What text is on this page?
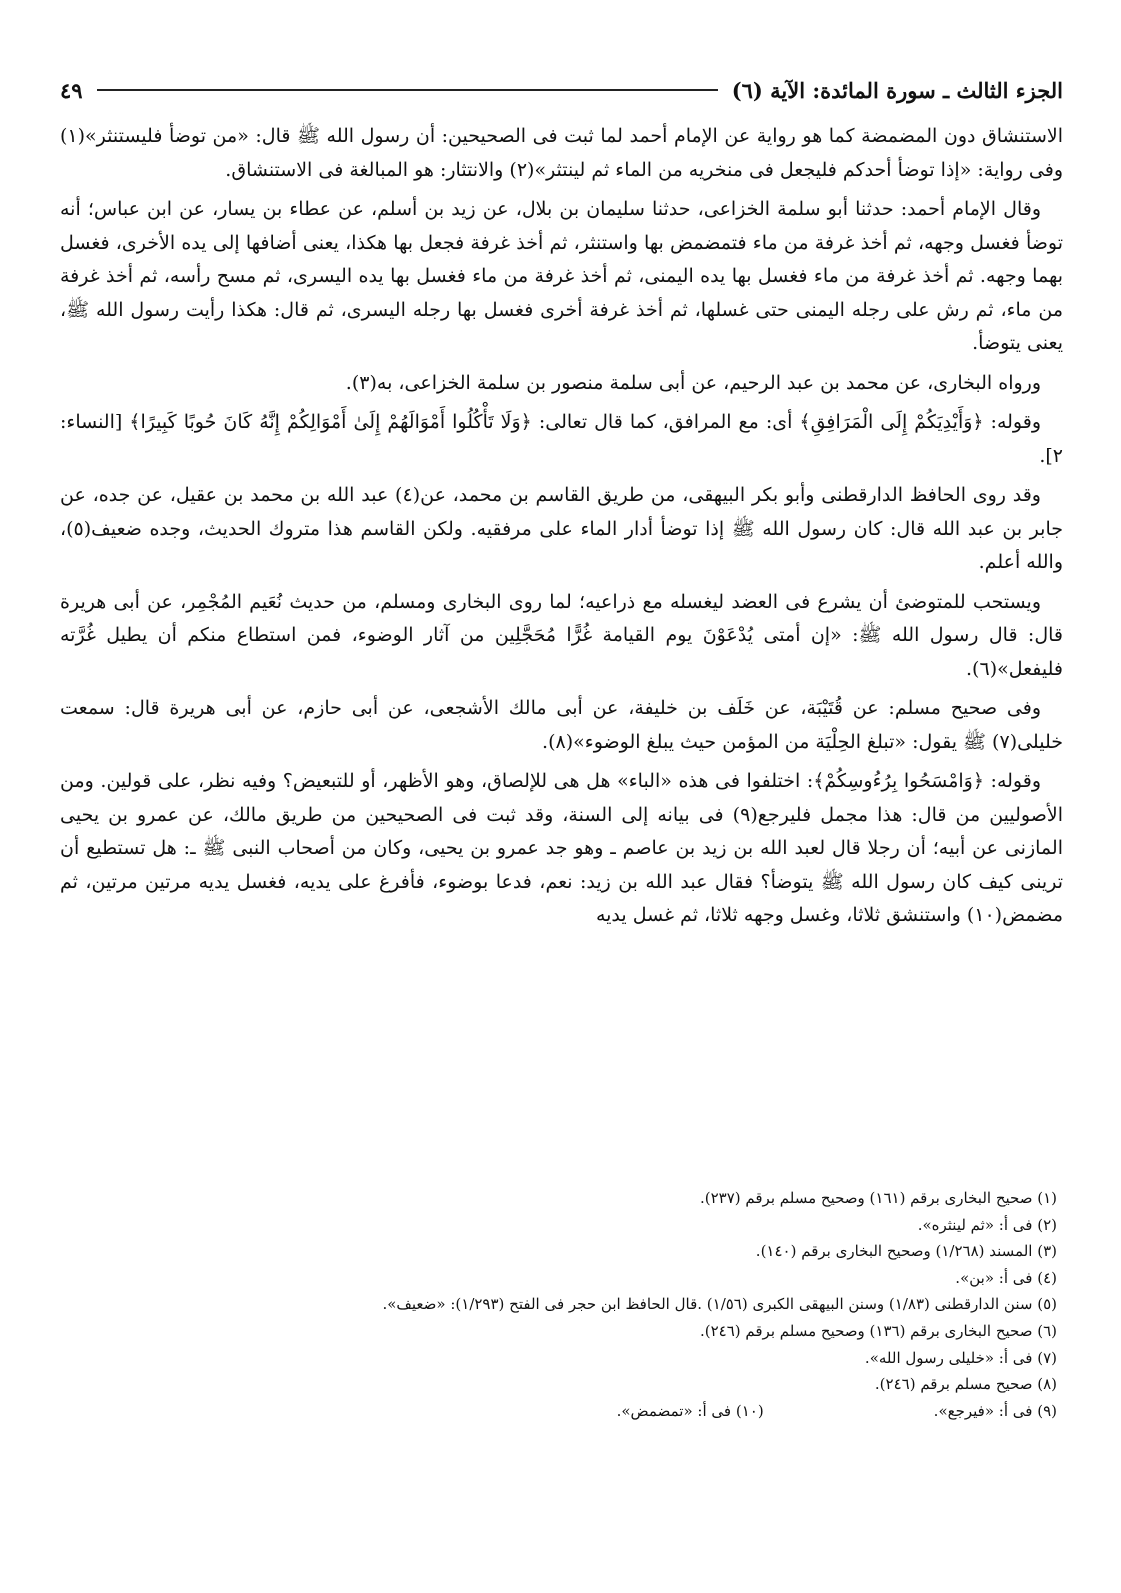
الجزء الثالث ـ سورة المائدة: الآية (٦)
٤٩

الاستنشاق دون المضمضة كما هو رواية عن الإمام أحمد لما ثبت فى الصحيحين: أن رسول الله ﷺ قال: «من توضأ فليستنثر»(١) وفى رواية: «إذا توضأ أحدكم فليجعل فى منخريه من الماء ثم لينتثر»(٢) والانتثار: هو المبالغة فى الاستنشاق.

وقال الإمام أحمد: حدثنا أبو سلمة الخزاعى، حدثنا سليمان بن بلال، عن زيد بن أسلم، عن عطاء بن يسار، عن ابن عباس؛ أنه توضأ فغسل وجهه، ثم أخذ غرفة من ماء فتمضمض بها واستنثر، ثم أخذ غرفة فجعل بها هكذا، يعنى أضافها إلى يده الأخرى، فغسل بهما وجهه. ثم أخذ غرفة من ماء فغسل بها يده اليمنى، ثم أخذ غرفة من ماء فغسل بها يده اليسرى، ثم مسح رأسه، ثم أخذ غرفة من ماء، ثم رش على رجله اليمنى حتى غسلها، ثم أخذ غرفة أخرى فغسل بها رجله اليسرى، ثم قال: هكذا رأيت رسول الله ﷺ، يعنى يتوضأ.

ورواه البخارى، عن محمد بن عبد الرحيم، عن أبى سلمة منصور بن سلمة الخزاعى، به(٣).

وقوله: ﴿وَأَيْدِيَكُمْ إِلَى الْمَرَافِقِ﴾ أى: مع المرافق، كما قال تعالى: ﴿وَلَا تَأْكُلُوا أَمْوَالَهُمْ إِلَىٰ أَمْوَالِكُمْ إِنَّهُ كَانَ حُوبًا كَبِيرًا﴾ [النساء: ٢].

وقد روى الحافظ الدارقطنى وأبو بكر البيهقى، من طريق القاسم بن محمد، عن(٤) عبد الله بن محمد بن عقيل، عن جده، عن جابر بن عبد الله قال: كان رسول الله ﷺ إذا توضأ أدار الماء على مرفقيه. ولكن القاسم هذا متروك الحديث، وجده ضعيف(٥)، والله أعلم.

ويستحب للمتوضئ أن يشرع فى العضد ليغسله مع ذراعيه؛ لما روى البخارى ومسلم، من حديث نُعَيم المُجْمِر، عن أبى هريرة قال: قال رسول الله ﷺ: «إن أمتى يُدْعَوْنَ يوم القيامة غُرًّا مُحَجَّلِين من آثار الوضوء، فمن استطاع منكم أن يطيل غُرَّته فليفعل»(٦).

وفى صحيح مسلم: عن قُتَيْبَة، عن خَلَف بن خليفة، عن أبى مالك الأشجعى، عن أبى حازم، عن أبى هريرة قال: سمعت خليلى(٧) ﷺ يقول: «تبلغ الحِلْيَة من المؤمن حيث يبلغ الوضوء»(٨).

وقوله: ﴿وَامْسَحُوا بِرُءُوسِكُمْ﴾: اختلفوا فى هذه «الباء» هل هى للإلصاق، وهو الأظهر، أو للتبعيض؟ وفيه نظر، على قولين. ومن الأصوليين من قال: هذا مجمل فليرجع(٩) فى بيانه إلى السنة، وقد ثبت فى الصحيحين من طريق مالك، عن عمرو بن يحيى المازنى عن أبيه؛ أن رجلا قال لعبد الله بن زيد بن عاصم ـ وهو جد عمرو بن يحيى، وكان من أصحاب النبى ﷺ ـ: هل تستطيع أن ترينى كيف كان رسول الله ﷺ يتوضأ؟ فقال عبد الله بن زيد: نعم، فدعا بوضوء، فأفرغ على يديه، فغسل يديه مرتين مرتين، ثم مضمض(١٠) واستنشق ثلاثا، وغسل وجهه ثلاثا، ثم غسل يديه

(١) صحيح البخارى برقم (١٦١) وصحيح مسلم برقم (٢٣٧).

(٢) فى أ: «ثم لينثره».

(٣) المسند (١/٢٦٨) وصحيح البخارى برقم (١٤٠).

(٤) فى أ: «بن».

(٥) سنن الدارقطنى (١/٨٣) وسنن البيهقى الكبرى (١/٥٦) .قال الحافظ ابن حجر فى الفتح (١/٢٩٣): «ضعيف».

(٦) صحيح البخارى برقم (١٣٦) وصحيح مسلم برقم (٢٤٦).

(٧) فى أ: «خليلى رسول الله».

(٨) صحيح مسلم برقم (٢٤٦).

(٩) فى أ: «فيرجع».
(١٠) فى أ: «تمضمض».
